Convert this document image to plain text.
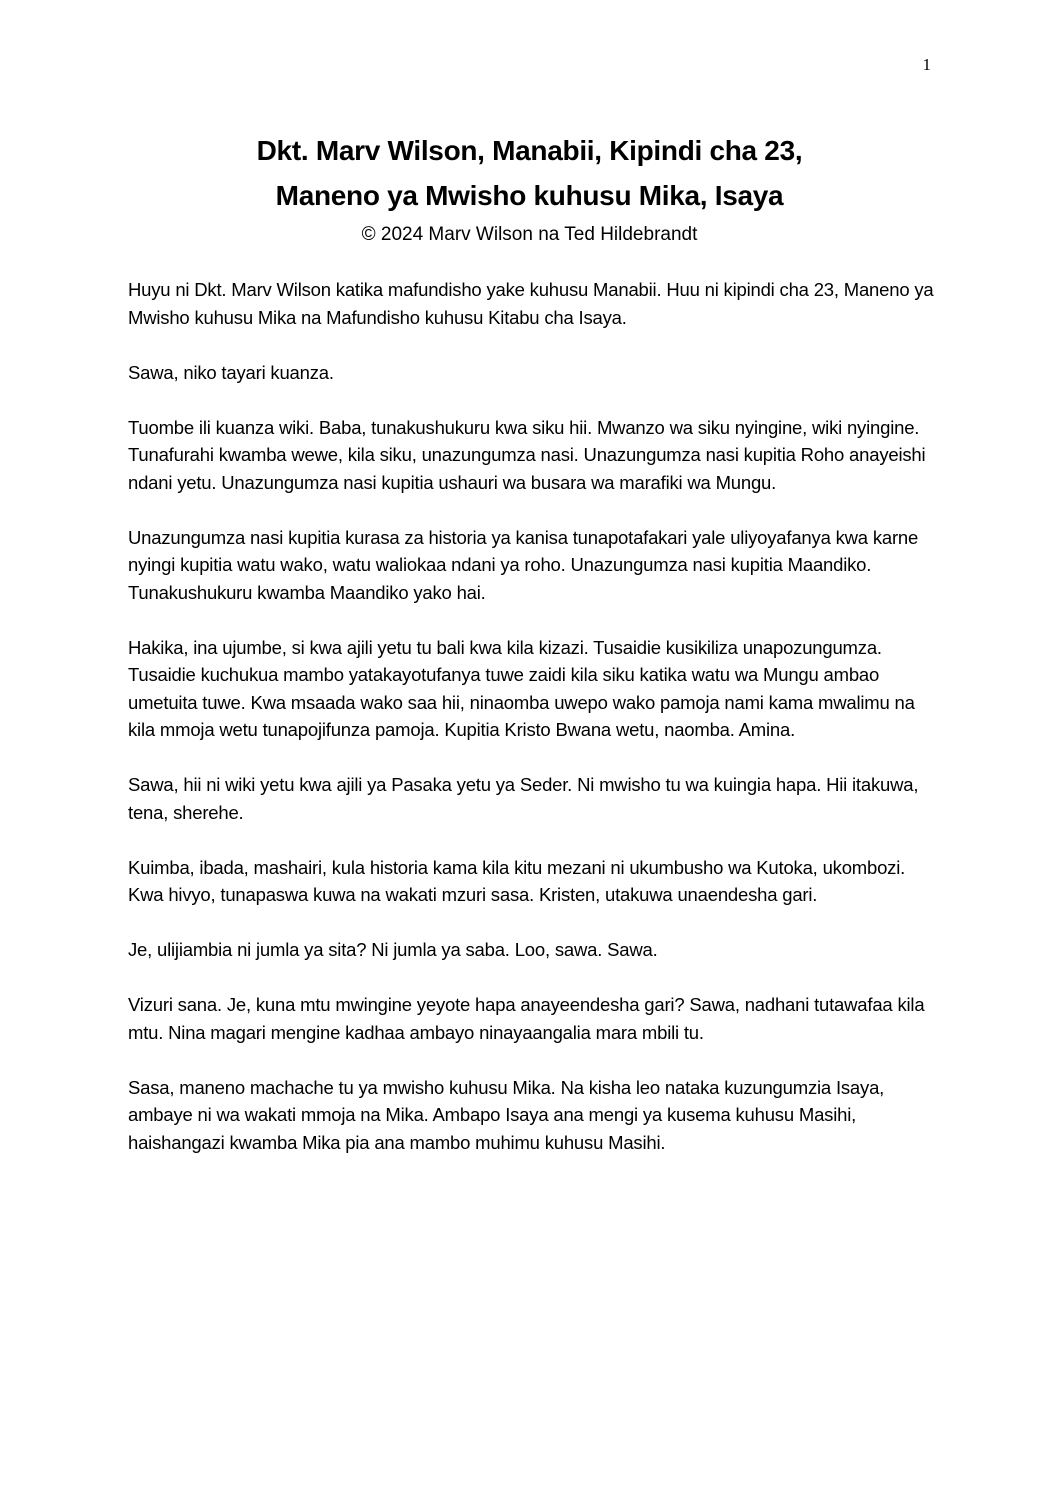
1
Dkt. Marv Wilson, Manabii, Kipindi cha 23,
Maneno ya Mwisho kuhusu Mika, Isaya
© 2024 Marv Wilson na Ted Hildebrandt

Huyu ni Dkt. Marv Wilson katika mafundisho yake kuhusu Manabii. Huu ni kipindi cha 23, Maneno ya Mwisho kuhusu Mika na Mafundisho kuhusu Kitabu cha Isaya.

Sawa, niko tayari kuanza.

Tuombe ili kuanza wiki. Baba, tunakushukuru kwa siku hii. Mwanzo wa siku nyingine, wiki nyingine. Tunafurahi kwamba wewe, kila siku, unazungumza nasi. Unazungumza nasi kupitia Roho anayeishi ndani yetu. Unazungumza nasi kupitia ushauri wa busara wa marafiki wa Mungu.

Unazungumza nasi kupitia kurasa za historia ya kanisa tunapotafakari yale uliyoyafanya kwa karne nyingi kupitia watu wako, watu waliokaa ndani ya roho. Unazungumza nasi kupitia Maandiko. Tunakushukuru kwamba Maandiko yako hai.

Hakika, ina ujumbe, si kwa ajili yetu tu bali kwa kila kizazi. Tusaidie kusikiliza unapozungumza. Tusaidie kuchukua mambo yatakayotufanya tuwe zaidi kila siku katika watu wa Mungu ambao umetuita tuwe. Kwa msaada wako saa hii, ninaomba uwepo wako pamoja nami kama mwalimu na kila mmoja wetu tunapojifunza pamoja. Kupitia Kristo Bwana wetu, naomba. Amina.

Sawa, hii ni wiki yetu kwa ajili ya Pasaka yetu ya Seder. Ni mwisho tu wa kuingia hapa. Hii itakuwa, tena, sherehe.

Kuimba, ibada, mashairi, kula historia kama kila kitu mezani ni ukumbusho wa Kutoka, ukombozi. Kwa hivyo, tunapaswa kuwa na wakati mzuri sasa. Kristen, utakuwa unaendesha gari.

Je, ulijiambia ni jumla ya sita? Ni jumla ya saba. Loo, sawa. Sawa.

Vizuri sana. Je, kuna mtu mwingine yeyote hapa anayeendesha gari? Sawa, nadhani tutawafaa kila mtu. Nina magari mengine kadhaa ambayo ninayaangalia mara mbili tu.

Sasa, maneno machache tu ya mwisho kuhusu Mika. Na kisha leo nataka kuzungumzia Isaya, ambaye ni wa wakati mmoja na Mika. Ambapo Isaya ana mengi ya kusema kuhusu Masihi, haishangazi kwamba Mika pia ana mambo muhimu kuhusu Masihi.
